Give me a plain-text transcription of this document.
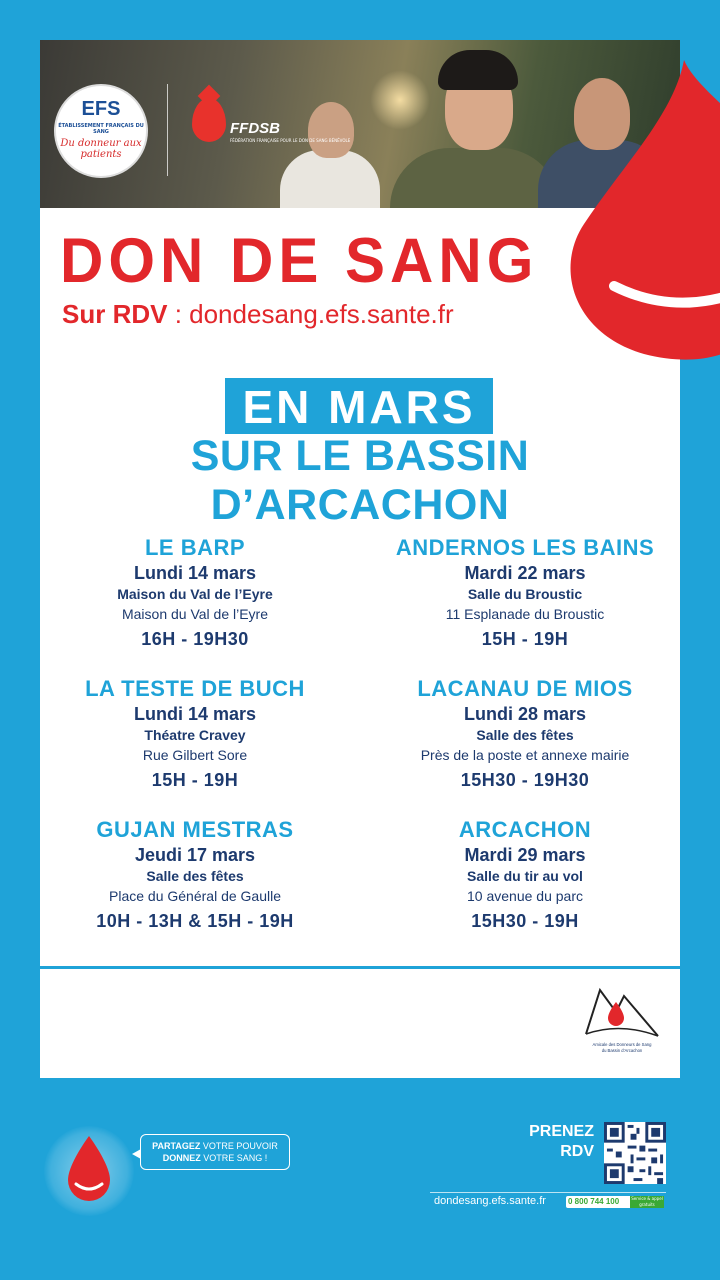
EFS
ÉTABLISSEMENT FRANÇAIS DU SANG
Du donneur aux patients
FFDSB
FÉDÉRATION FRANÇAISE POUR LE DON DE SANG BÉNÉVOLE
DON DE SANG
Sur RDV : dondesang.efs.sante.fr
EN MARS
SUR LE BASSIN D’ARCACHON
LE BARP
Lundi 14 mars
Maison du Val de l’Eyre
Maison du Val de l’Eyre
16H - 19H30
ANDERNOS LES BAINS
Mardi 22 mars
Salle du Broustic
11 Esplanade du Broustic
15H - 19H
LA TESTE DE BUCH
Lundi 14 mars
Théatre Cravey
Rue Gilbert Sore
15H - 19H
LACANAU DE MIOS
Lundi 28 mars
Salle des fêtes
Près de la poste et annexe mairie
15H30 - 19H30
GUJAN MESTRAS
Jeudi 17 mars
Salle des fêtes
Place du Général de Gaulle
10H - 13H & 15H - 19H
ARCACHON
Mardi 29 mars
Salle du tir au vol
10 avenue du parc
15H30 - 19H
Amicale des Donneurs de Sang
du Bassin d’Arcachon
PARTAGEZ VOTRE POUVOIR
DONNEZ VOTRE SANG !
PRENEZ
RDV
dondesang.efs.sante.fr	0 800 744 100	Service & appel gratuits
